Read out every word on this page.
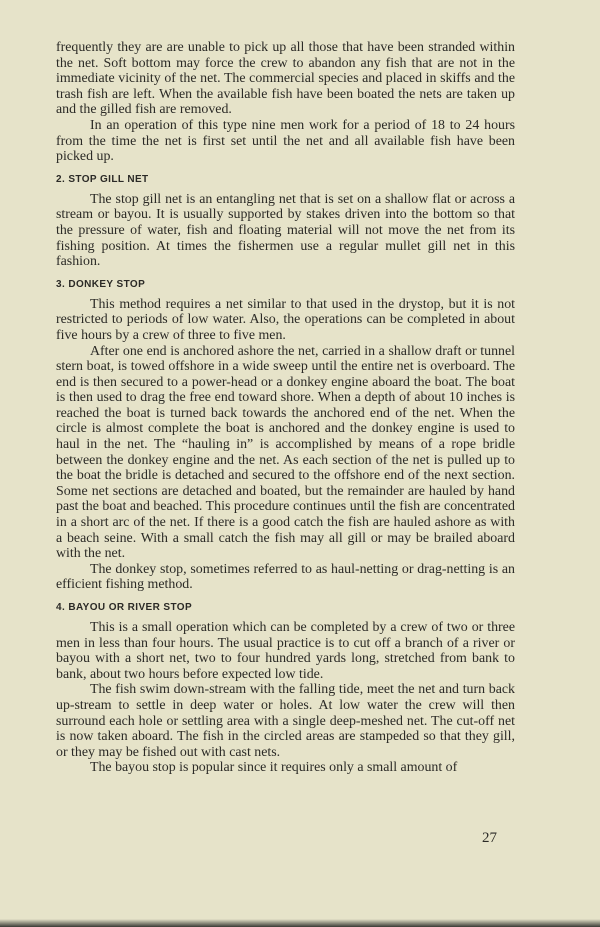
frequently they are are unable to pick up all those that have been stranded within the net. Soft bottom may force the crew to abandon any fish that are not in the immediate vicinity of the net. The commercial species and placed in skiffs and the trash fish are left. When the available fish have been boated the nets are taken up and the gilled fish are removed.

In an operation of this type nine men work for a period of 18 to 24 hours from the time the net is first set until the net and all available fish have been picked up.

2. STOP GILL NET

The stop gill net is an entangling net that is set on a shallow flat or across a stream or bayou. It is usually supported by stakes driven into the bottom so that the pressure of water, fish and floating material will not move the net from its fishing position. At times the fishermen use a regular mullet gill net in this fashion.

3. DONKEY STOP

This method requires a net similar to that used in the drystop, but it is not restricted to periods of low water. Also, the operations can be completed in about five hours by a crew of three to five men.

After one end is anchored ashore the net, carried in a shallow draft or tunnel stern boat, is towed offshore in a wide sweep until the entire net is overboard. The end is then secured to a power-head or a donkey engine aboard the boat. The boat is then used to drag the free end toward shore. When a depth of about 10 inches is reached the boat is turned back towards the anchored end of the net. When the circle is almost complete the boat is anchored and the donkey engine is used to haul in the net. The “hauling in” is accomplished by means of a rope bridle between the donkey engine and the net. As each section of the net is pulled up to the boat the bridle is detached and secured to the offshore end of the next section. Some net sections are detached and boated, but the remainder are hauled by hand past the boat and beached. This procedure continues until the fish are concentrated in a short arc of the net. If there is a good catch the fish are hauled ashore as with a beach seine. With a small catch the fish may all gill or may be brailed aboard with the net.

The donkey stop, sometimes referred to as haul-netting or drag-netting is an efficient fishing method.

4. BAYOU OR RIVER STOP

This is a small operation which can be completed by a crew of two or three men in less than four hours. The usual practice is to cut off a branch of a river or bayou with a short net, two to four hundred yards long, stretched from bank to bank, about two hours before expected low tide.

The fish swim down-stream with the falling tide, meet the net and turn back up-stream to settle in deep water or holes. At low water the crew will then surround each hole or settling area with a single deep-meshed net. The cut-off net is now taken aboard. The fish in the circled areas are stampeded so that they gill, or they may be fished out with cast nets.

The bayou stop is popular since it requires only a small amount of

27
